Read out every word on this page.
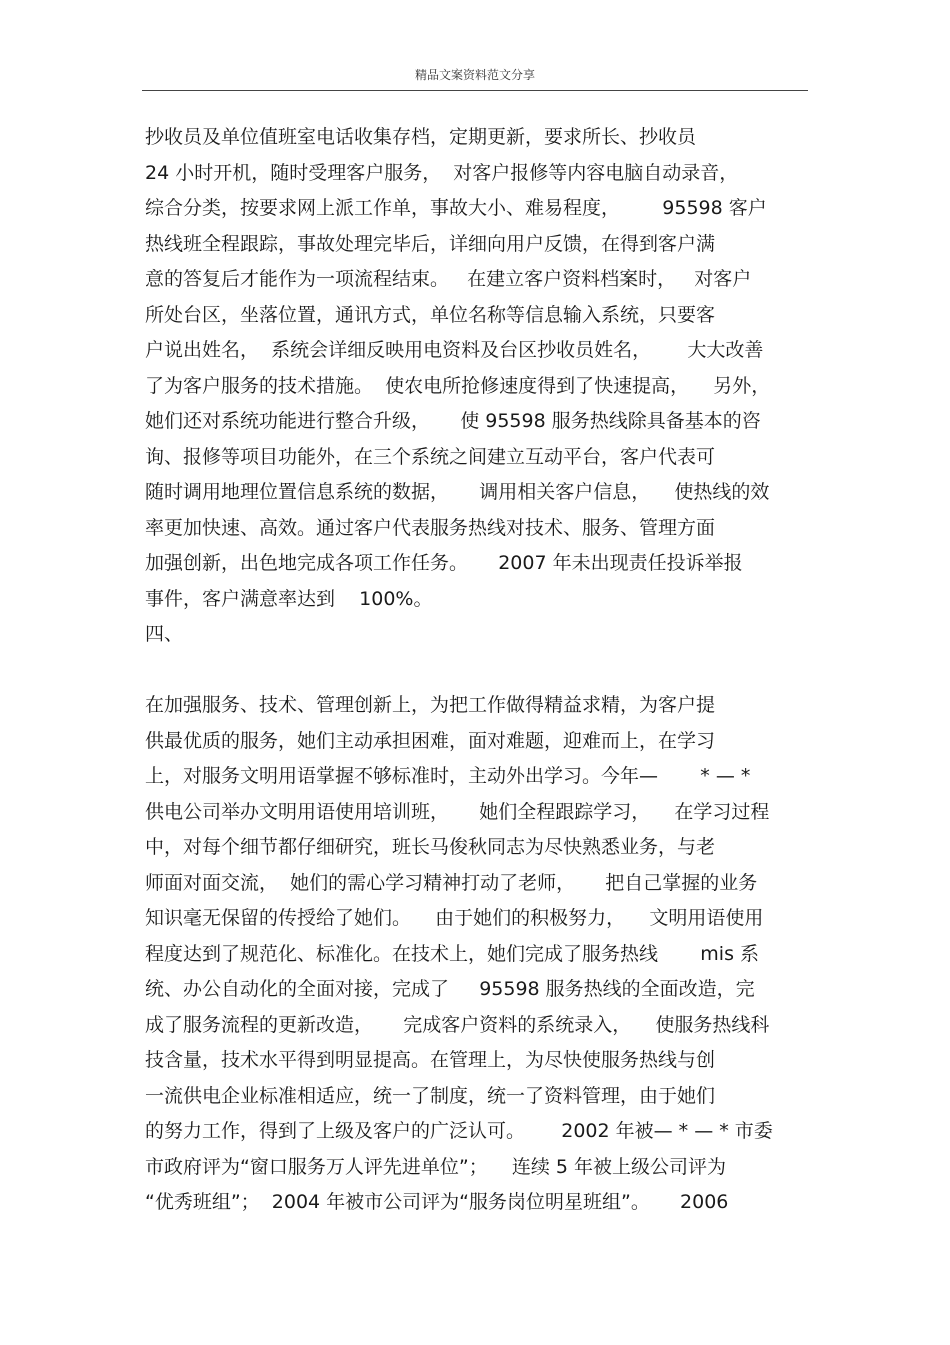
精品文案资料范文分享
抄收员及单位值班室电话收集存档，定期更新，要求所长、抄收员
24 小时开机，随时受理客户服务，  对客户报修等内容电脑自动录音，
综合分类，按要求网上派工作单，事故大小、难易程度，       95598 客户
热线班全程跟踪，事故处理完毕后，详细向用户反馈，在得到客户满
意的答复后才能作为一项流程结束。   在建立客户资料档案时，   对客户
所处台区，坐落位置，通讯方式，单位名称等信息输入系统，只要客
户说出姓名，  系统会详细反映用电资料及台区抄收员姓名，      大大改善
了为客户服务的技术措施。  使农电所抢修速度得到了快速提高，    另外，
她们还对系统功能进行整合升级，     使 95598 服务热线除具备基本的咨
询、报修等项目功能外，在三个系统之间建立互动平台，客户代表可
随时调用地理位置信息系统的数据，     调用相关客户信息，    使热线的效
率更加快速、高效。通过客户代表服务热线对技术、服务、管理方面
加强创新，出色地完成各项工作任务。     2007 年未出现责任投诉举报
事件，客户满意率达到    100%。
四、
在加强服务、技术、管理创新上，为把工作做得精益求精，为客户提
供最优质的服务，她们主动承担困难，面对难题，迎难而上，在学习
上，对服务文明用语掌握不够标准时，主动外出学习。今年—       * — *
供电公司举办文明用语使用培训班，     她们全程跟踪学习，    在学习过程
中，对每个细节都仔细研究，班长马俊秋同志为尽快熟悉业务，与老
师面对面交流，  她们的需心学习精神打动了老师，     把自己掌握的业务
知识毫无保留的传授给了她们。    由于她们的积极努力，    文明用语使用
程度达到了规范化、标准化。在技术上，她们完成了服务热线       mis 系
统、办公自动化的全面对接，完成了     95598 服务热线的全面改造，完
成了服务流程的更新改造，     完成客户资料的系统录入，    使服务热线科
技含量，技术水平得到明显提高。在管理上，为尽快使服务热线与创
一流供电企业标准相适应，统一了制度，统一了资料管理，由于她们
的努力工作，得到了上级及客户的广泛认可。      2002 年被— * — * 市委
市政府评为“窗口服务万人评先进单位”；    连续 5 年被上级公司评为
“优秀班组”；  2004 年被市公司评为“服务岗位明星班组”。     2006
